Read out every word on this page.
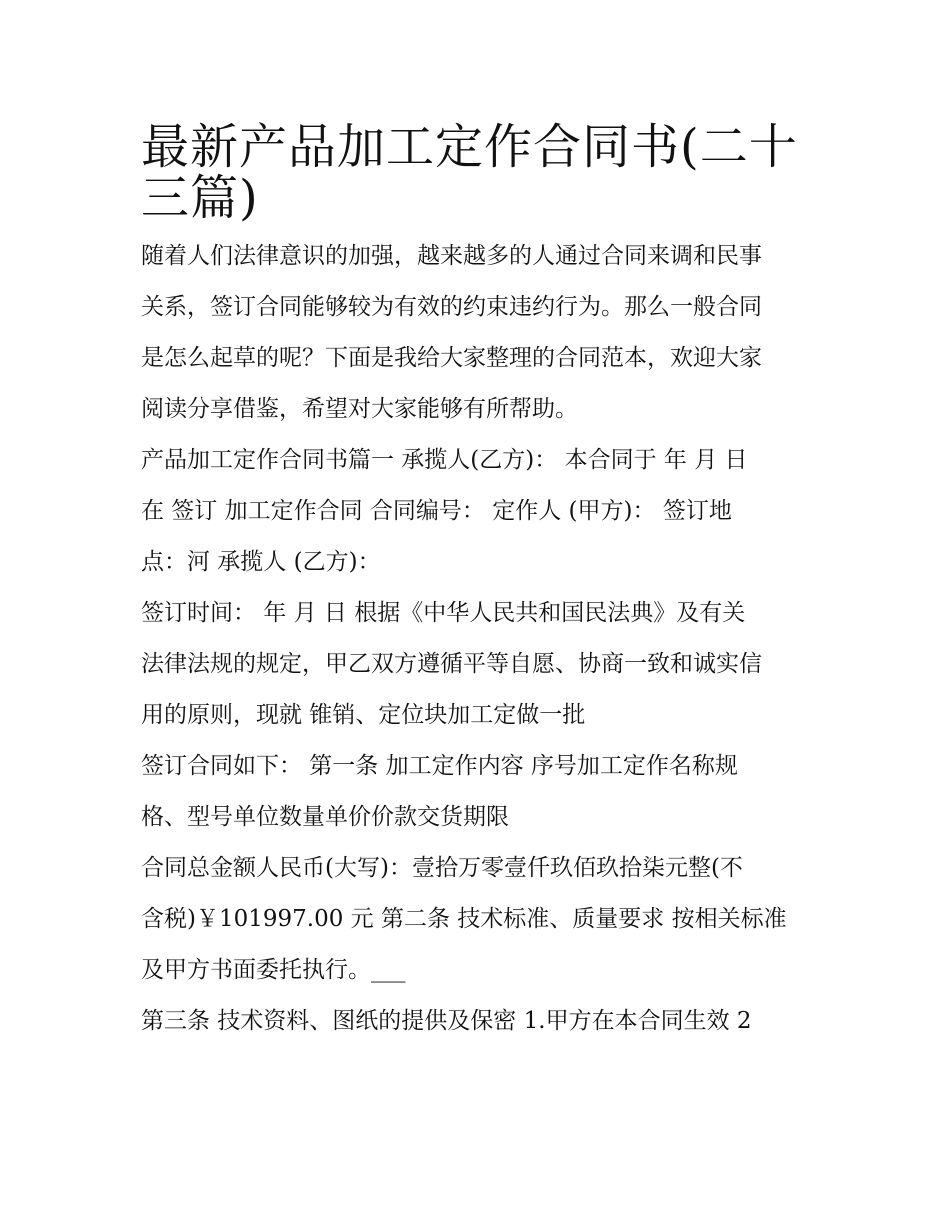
最新产品加工定作合同书(二十
三篇)

随着人们法律意识的加强，越来越多的人通过合同来调和民事
关系，签订合同能够较为有效的约束违约行为。那么一般合同
是怎么起草的呢？下面是我给大家整理的合同范本，欢迎大家
阅读分享借鉴，希望对大家能够有所帮助。

产品加工定作合同书篇一 承揽人(乙方)： 本合同于 年 月 日
在 签订 加工定作合同 合同编号： 定作人 (甲方)： 签订地
点：河 承揽人 (乙方)：

签订时间： 年 月 日 根据《中华人民共和国民法典》及有关
法律法规的规定，甲乙双方遵循平等自愿、协商一致和诚实信
用的原则，现就 锥销、定位块加工定做一批

签订合同如下： 第一条 加工定作内容 序号加工定作名称规
格、型号单位数量单价价款交货期限

合同总金额人民币(大写)：壹拾万零壹仟玖佰玖拾柒元整(不
含税)￥101997.00 元 第二条 技术标准、质量要求 按相关标准
及甲方书面委托执行。___

第三条 技术资料、图纸的提供及保密 1.甲方在本合同生效 2
